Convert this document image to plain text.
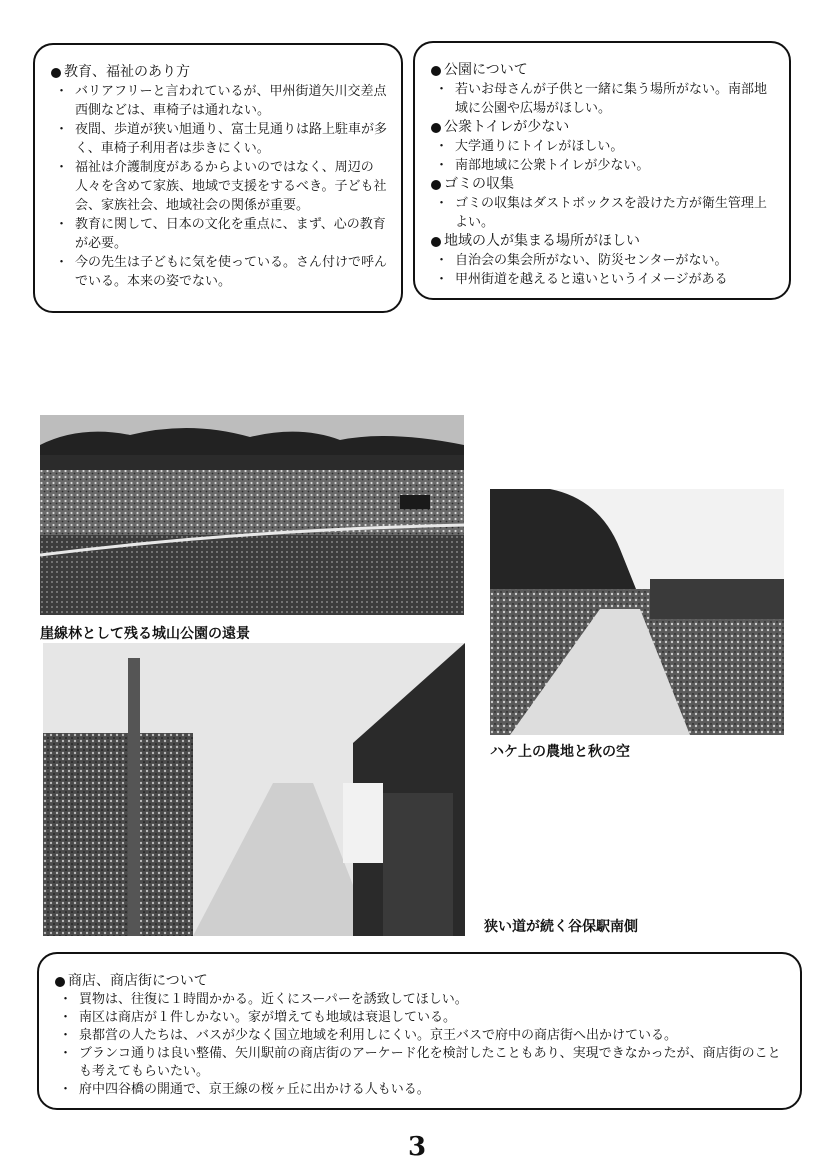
教育、福祉のあり方
・ バリアフリーと言われているが、甲州街道矢川交差点西側などは、車椅子は通れない。
・ 夜間、歩道が狭い旭通り、富士見通りは路上駐車が多く、車椅子利用者は歩きにくい。
・ 福祉は介護制度があるからよいのではなく、周辺の人々を含めて家族、地域で支援をするべき。子ども社会、家族社会、地域社会の関係が重要。
・ 教育に関して、日本の文化を重点に、まず、心の教育が必要。
・ 今の先生は子どもに気を使っている。さん付けで呼んでいる。本来の姿でない。
公園について
・ 若いお母さんが子供と一緒に集う場所がない。南部地域に公園や広場がほしい。
公衆トイレが少ない
・ 大学通りにトイレがほしい。
・ 南部地域に公衆トイレが少ない。
ゴミの収集
・ ゴミの収集はダストボックスを設けた方が衛生管理上よい。
地域の人が集まる場所がほしい
・ 自治会の集会所がない、防災センターがない。
・ 甲州街道を越えると遠いというイメージがある
崖線林として残る城山公園の遠景
ハケ上の農地と秋の空
狭い道が続く谷保駅南側
商店、商店街について
・ 買物は、往復に１時間かかる。近くにスーパーを誘致してほしい。
・ 南区は商店が１件しかない。家が増えても地域は衰退している。
・ 泉都営の人たちは、バスが少なく国立地域を利用しにくい。京王バスで府中の商店街へ出かけている。
・ ブランコ通りは良い整備、矢川駅前の商店街のアーケード化を検討したこともあり、実現できなかったが、商店街のことも考えてもらいたい。
・ 府中四谷橋の開通で、京王線の桜ヶ丘に出かける人もいる。
3
